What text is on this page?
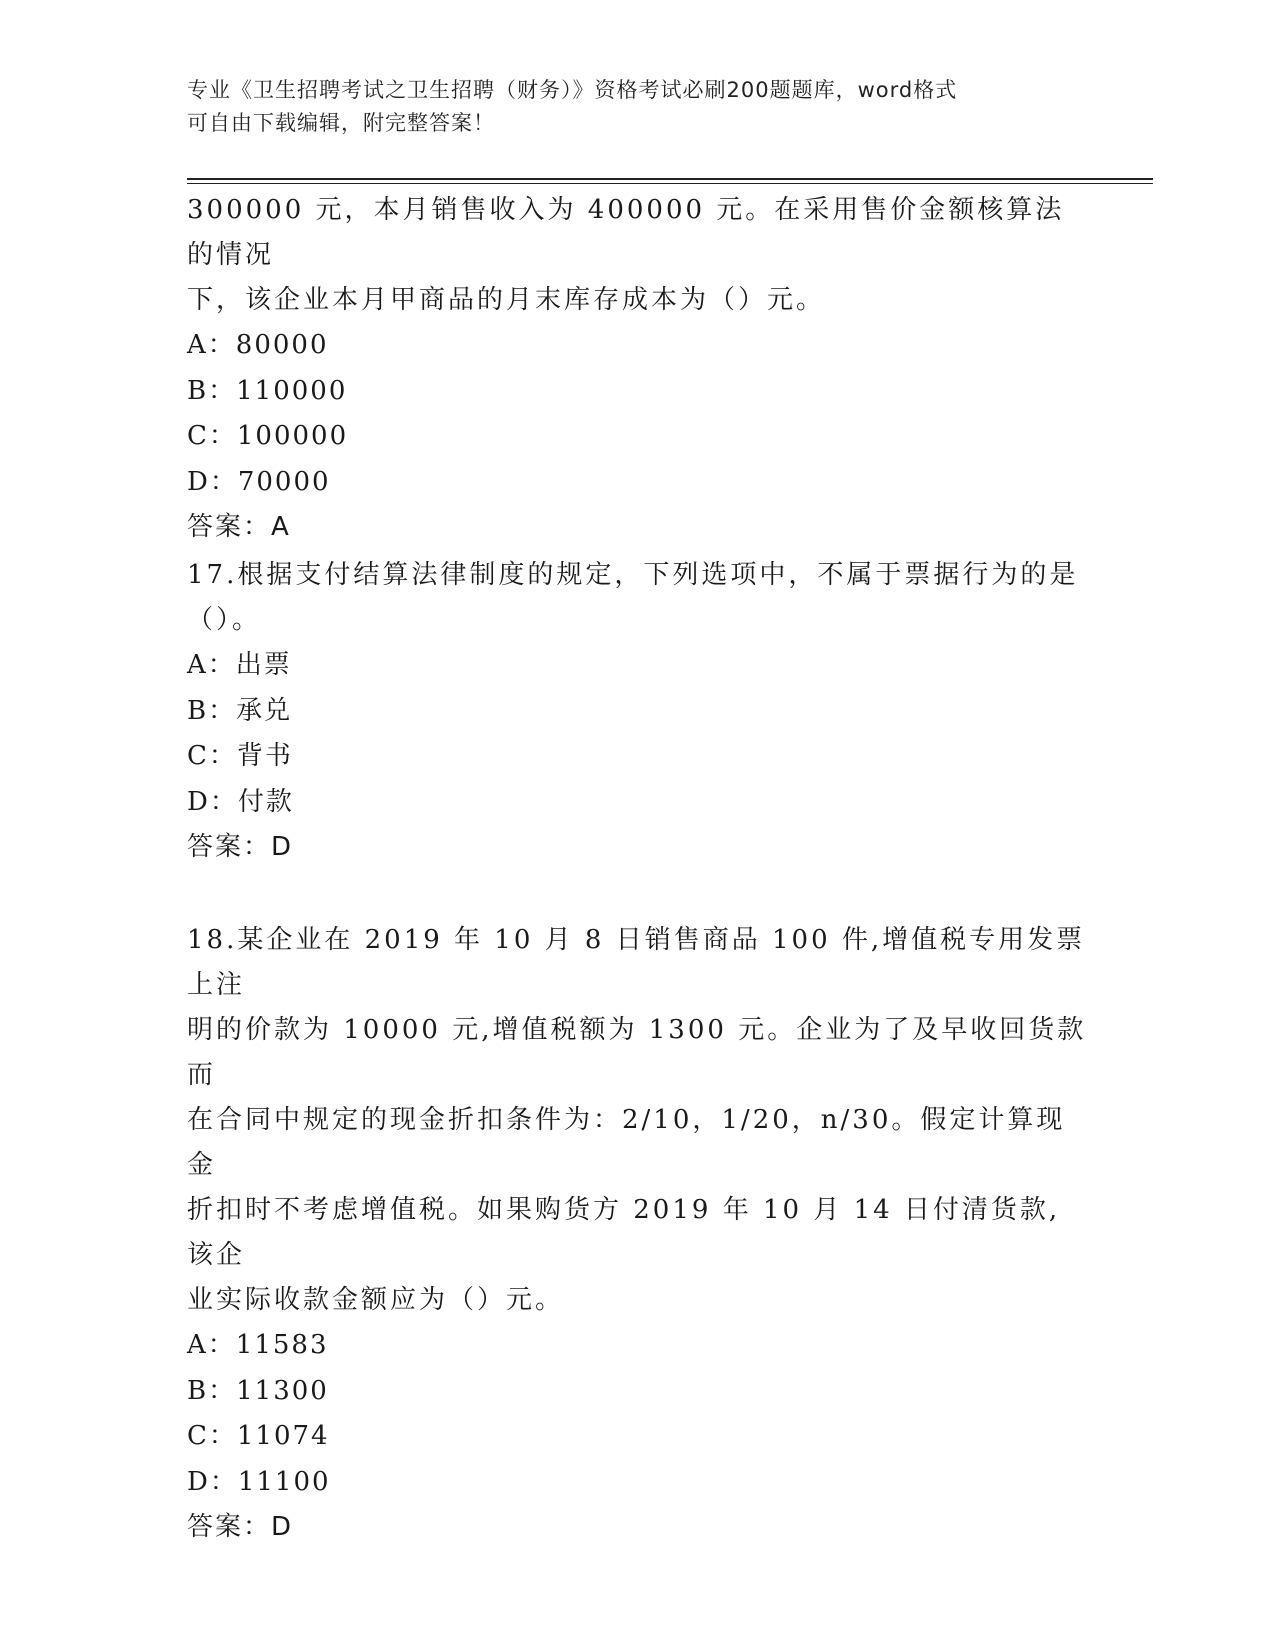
专业《卫生招聘考试之卫生招聘（财务）》资格考试必刷200题题库，word格式
可自由下载编辑，附完整答案！

300000 元，本月销售收入为 400000 元。在采用售价金额核算法的情况

下，该企业本月甲商品的月末库存成本为（）元。

A：80000

B：110000

C：100000

D：70000

答案：A

17.根据支付结算法律制度的规定，下列选项中，不属于票据行为的是

（）。

A：出票

B：承兑

C：背书

D：付款

答案：D

18.某企业在 2019 年 10 月 8 日销售商品 100 件,增值税专用发票上注

明的价款为 10000 元,增值税额为 1300 元。企业为了及早收回货款而

在合同中规定的现金折扣条件为：2/10，1/20，n/30。假定计算现金

折扣时不考虑增值税。如果购货方 2019 年 10 月 14 日付清货款,该企

业实际收款金额应为（）元。

A：11583

B：11300

C：11074

D：11100

答案：D
